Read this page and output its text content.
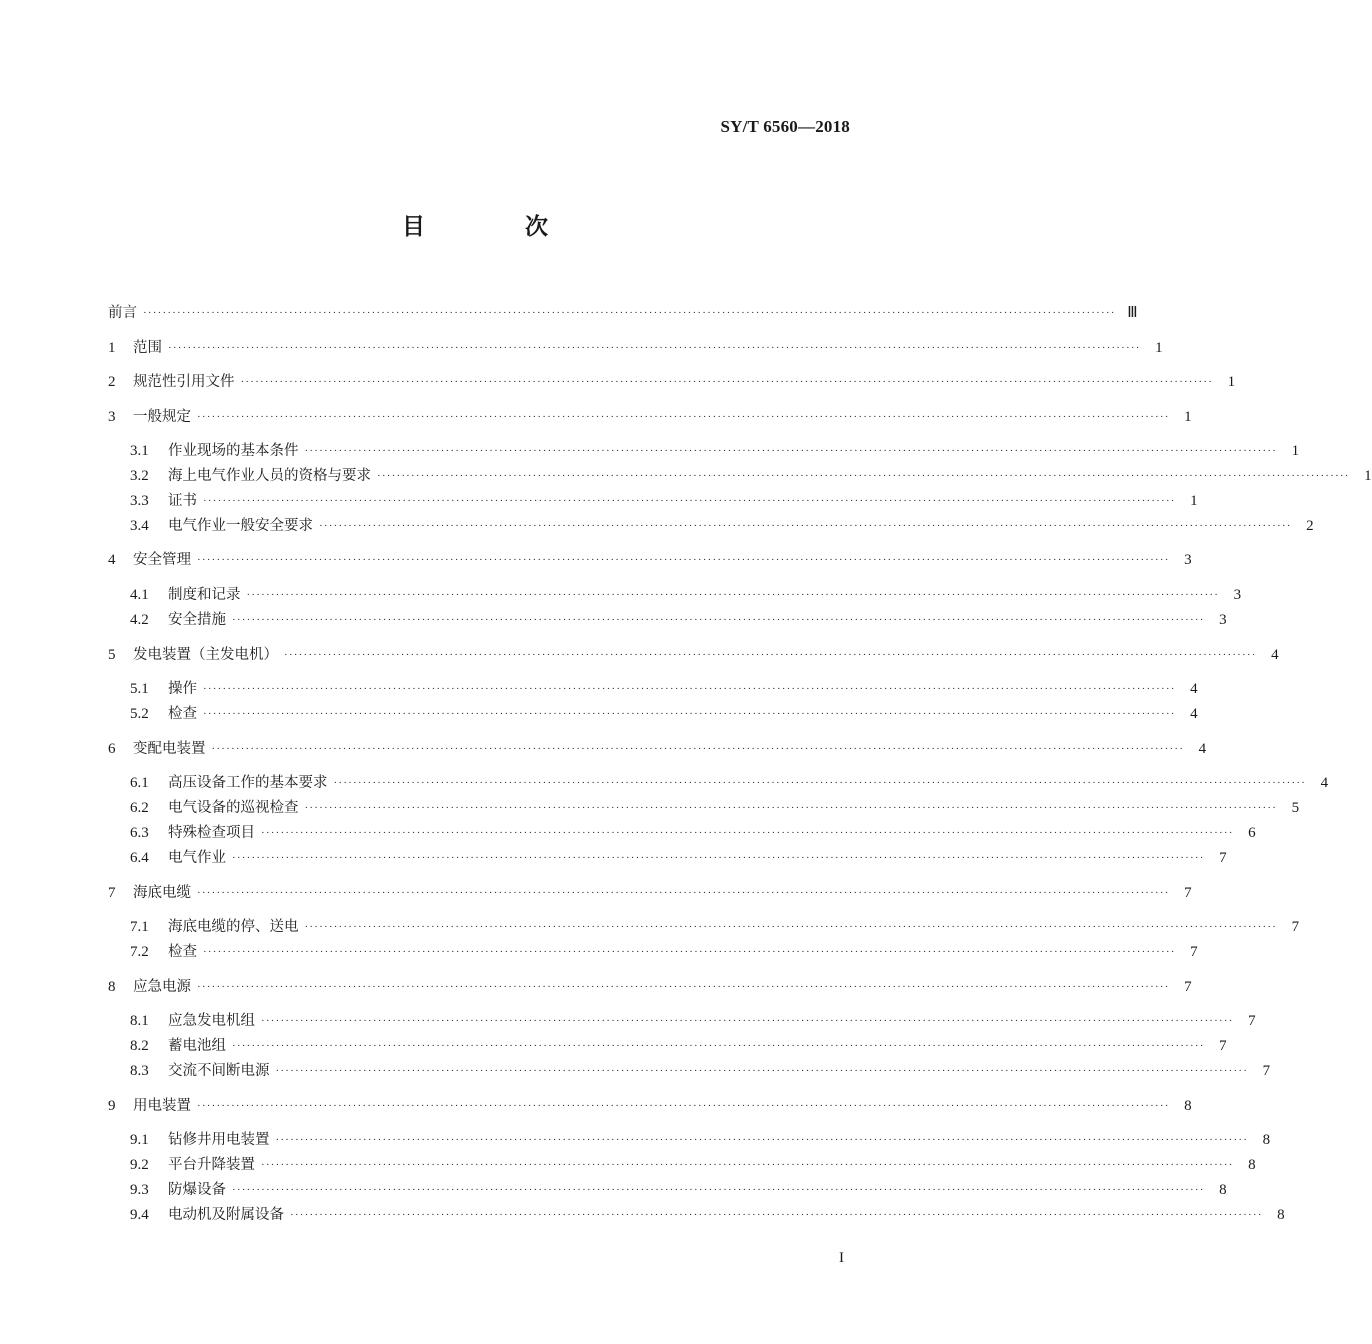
SY/T 6560—2018
目 次
前言 ········································································································································································································ Ⅲ
1	范围 ········································································································································································································ 1
2	规范性引用文件 ········································································································································································································ 1
3	一般规定 ········································································································································································································ 1
3.1	作业现场的基本条件 ········································································································································································································ 1
3.2	海上电气作业人员的资格与要求 ········································································································································································································ 1
3.3	证书 ········································································································································································································ 1
3.4	电气作业一般安全要求 ········································································································································································································ 2
4	安全管理 ········································································································································································································ 3
4.1	制度和记录 ········································································································································································································ 3
4.2	安全措施 ········································································································································································································ 3
5	发电装置（主发电机） ········································································································································································································ 4
5.1	操作 ········································································································································································································ 4
5.2	检查 ········································································································································································································ 4
6	变配电装置 ········································································································································································································ 4
6.1	高压设备工作的基本要求 ········································································································································································································ 4
6.2	电气设备的巡视检查 ········································································································································································································ 5
6.3	特殊检查项目 ········································································································································································································ 6
6.4	电气作业 ········································································································································································································ 7
7	海底电缆 ········································································································································································································ 7
7.1	海底电缆的停、送电 ········································································································································································································ 7
7.2	检查 ········································································································································································································ 7
8	应急电源 ········································································································································································································ 7
8.1	应急发电机组 ········································································································································································································ 7
8.2	蓄电池组 ········································································································································································································ 7
8.3	交流不间断电源 ········································································································································································································ 7
9	用电装置 ········································································································································································································ 8
9.1	钻修井用电装置 ········································································································································································································ 8
9.2	平台升降装置 ········································································································································································································ 8
9.3	防爆设备 ········································································································································································································ 8
9.4	电动机及附属设备 ········································································································································································································ 8
I
